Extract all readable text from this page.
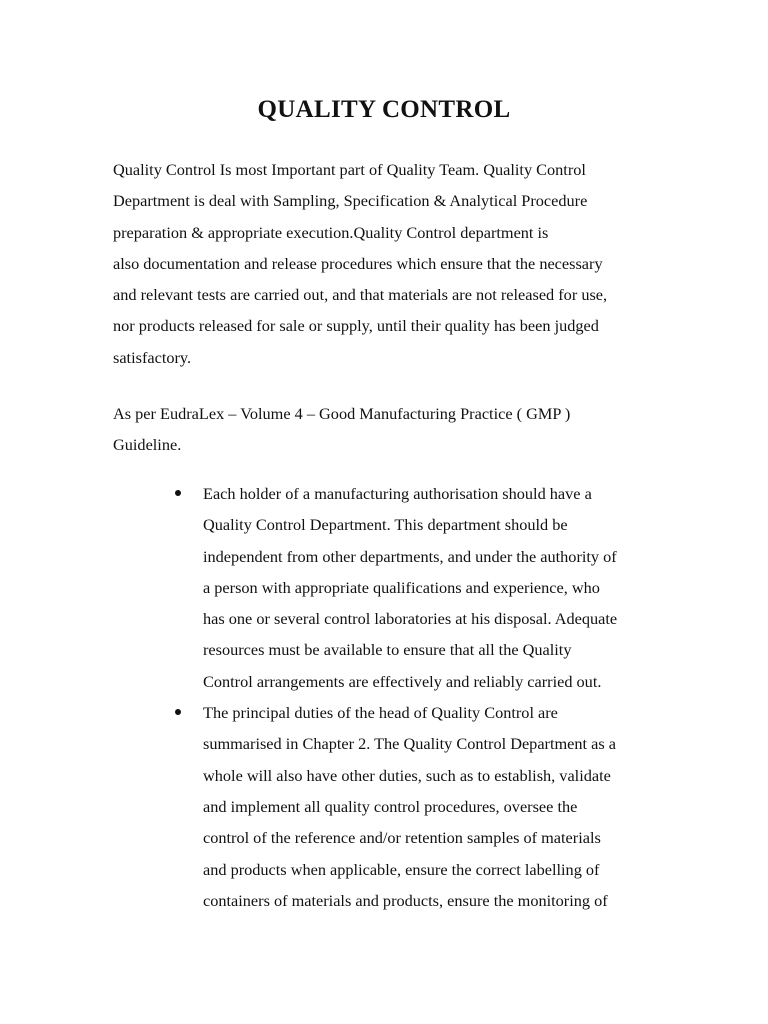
QUALITY CONTROL

Quality Control Is most Important part of Quality Team. Quality Control
Department is deal with Sampling, Specification & Analytical Procedure
preparation & appropriate execution.Quality Control department is
also documentation and release procedures which ensure that the necessary
and relevant tests are carried out, and that materials are not released for use,
nor products released for sale or supply, until their quality has been judged
satisfactory.

As per EudraLex – Volume 4 – Good Manufacturing Practice ( GMP )
Guideline.

Each holder of a manufacturing authorisation should have a
Quality Control Department. This department should be
independent from other departments, and under the authority of
a person with appropriate qualifications and experience, who
has one or several control laboratories at his disposal. Adequate
resources must be available to ensure that all the Quality
Control arrangements are effectively and reliably carried out.
The principal duties of the head of Quality Control are
summarised in Chapter 2. The Quality Control Department as a
whole will also have other duties, such as to establish, validate
and implement all quality control procedures, oversee the
control of the reference and/or retention samples of materials
and products when applicable, ensure the correct labelling of
containers of materials and products, ensure the monitoring of
